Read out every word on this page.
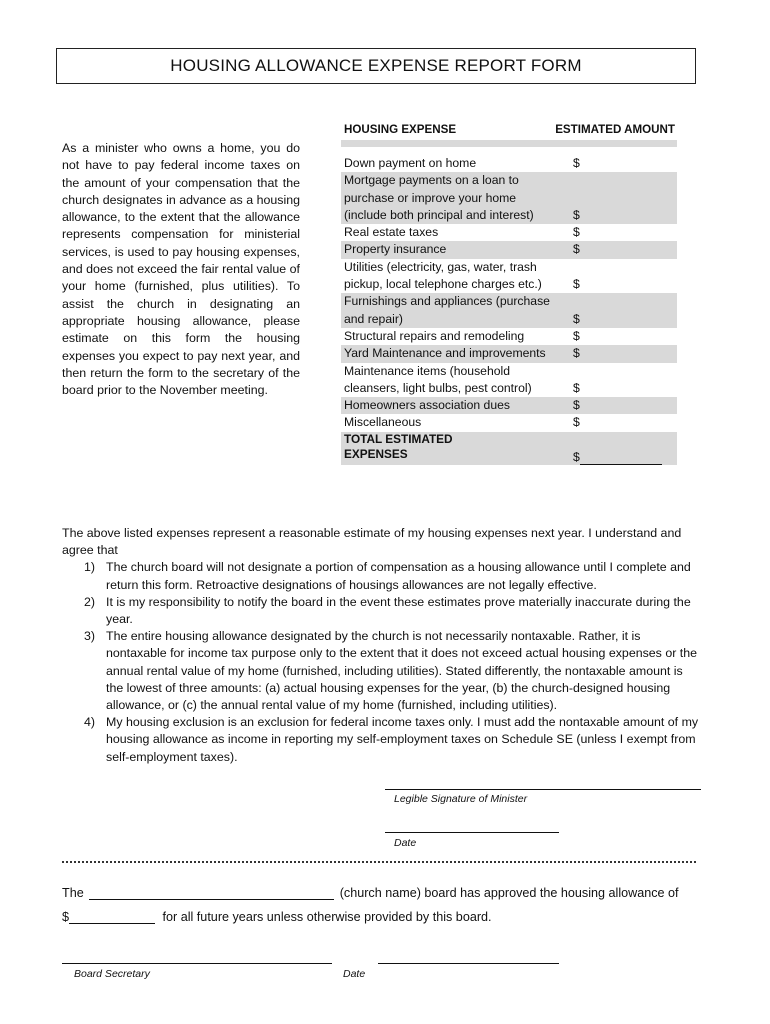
HOUSING ALLOWANCE EXPENSE REPORT FORM
As a minister who owns a home, you do not have to pay federal income taxes on the amount of your compensation that the church designates in advance as a housing allowance, to the extent that the allowance represents compensation for ministerial services, is used to pay housing expenses, and does not exceed the fair rental value of your home (furnished, plus utilities). To assist the church in designating an appropriate housing allowance, please estimate on this form the housing expenses you expect to pay next year, and then return the form to the secretary of the board prior to the November meeting.
HOUSING EXPENSE	ESTIMATED AMOUNT
Down payment on home	$
Mortgage payments on a loan to purchase or improve your home (include both principal and interest)	$
Real estate taxes	$
Property insurance	$
Utilities (electricity, gas, water, trash pickup, local telephone charges etc.)	$
Furnishings and appliances (purchase and repair)	$
Structural repairs and remodeling	$
Yard Maintenance and improvements	$
Maintenance items (household cleansers, light bulbs, pest control)	$
Homeowners association dues	$
Miscellaneous	$
TOTAL ESTIMATED EXPENSES	$
The above listed expenses represent a reasonable estimate of my housing expenses next year. I understand and agree that
1) The church board will not designate a portion of compensation as a housing allowance until I complete and return this form. Retroactive designations of housings allowances are not legally effective.
2) It is my responsibility to notify the board in the event these estimates prove materially inaccurate during the year.
3) The entire housing allowance designated by the church is not necessarily nontaxable. Rather, it is nontaxable for income tax purpose only to the extent that it does not exceed actual housing expenses or the annual rental value of my home (furnished, including utilities). Stated differently, the nontaxable amount is the lowest of three amounts: (a) actual housing expenses for the year, (b) the church-designed housing allowance, or (c) the annual rental value of my home (furnished, including utilities).
4) My housing exclusion is an exclusion for federal income taxes only. I must add the nontaxable amount of my housing allowance as income in reporting my self-employment taxes on Schedule SE (unless I exempt from self-employment taxes).
Legible Signature of Minister
Date
The	(church name) board has approved the housing allowance of
$	for all future years unless otherwise provided by this board.
Board Secretary	Date
